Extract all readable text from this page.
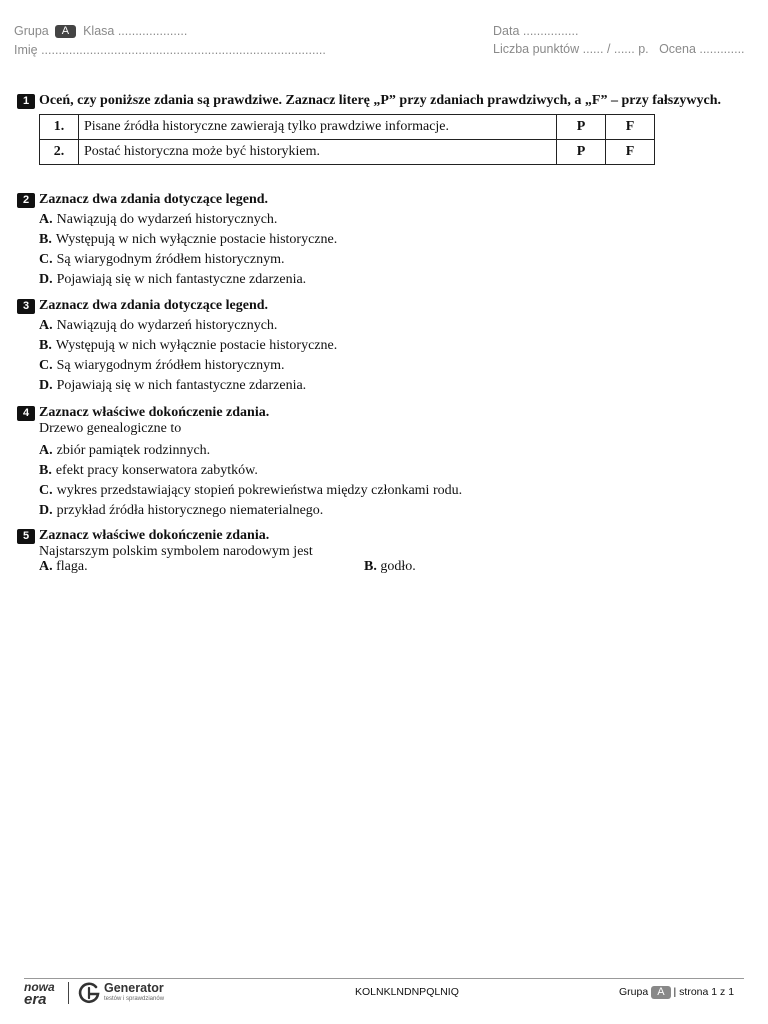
Grupa A Klasa ....................
Imię ..................................................................................
Data ................
Liczba punktów ...... / ...... p. Ocena .............
1 Oceń, czy poniższe zdania są prawdziwe. Zaznacz literę „P” przy zdaniach prawdziwych, a „F” – przy fałszywych.
1.	Pisane źródła historyczne zawierają tylko prawdziwe informacje.	P	F
2.	Postać historyczna może być historykiem.	P	F
2 Zaznacz dwa zdania dotyczące legend.
A. Nawiązują do wydarzeń historycznych.
B. Występują w nich wyłącznie postacie historyczne.
C. Są wiarygodnym źródłem historycznym.
D. Pojawiają się w nich fantastyczne zdarzenia.
3 Zaznacz dwa zdania dotyczące legend.
A. Nawiązują do wydarzeń historycznych.
B. Występują w nich wyłącznie postacie historyczne.
C. Są wiarygodnym źródłem historycznym.
D. Pojawiają się w nich fantastyczne zdarzenia.
4 Zaznacz właściwe dokończenie zdania.
Drzewo genealogiczne to
A. zbiór pamiątek rodzinnych.
B. efekt pracy konserwatora zabytków.
C. wykres przedstawiający stopień pokrewieństwa między członkami rodu.
D. przykład źródła historycznego niematerialnego.
5 Zaznacz właściwe dokończenie zdania.
Najstarszym polskim symbolem narodowym jest
A. flaga.	B. godło.
nowa
era
Generator
testów i sprawdzianów
KOLNKLNDNPQLNIQ	Grupa A | strona 1 z 1
